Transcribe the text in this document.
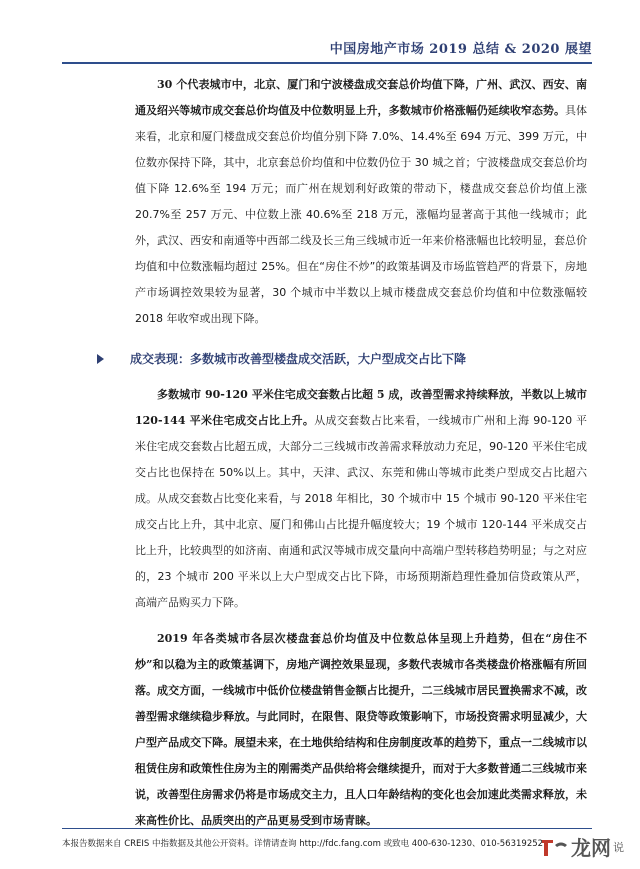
中国房地产市场 2019 总结 & 2020 展望

30 个代表城市中，北京、厦门和宁波楼盘成交套总价均值下降，广州、武汉、西安、南通及绍兴等城市成交套总价均值及中位数明显上升，多数城市价格涨幅仍延续收窄态势。具体来看，北京和厦门楼盘成交套总价均值分别下降 7.0%、14.4%至 694 万元、399 万元，中位数亦保持下降，其中，北京套总价均值和中位数仍位于 30 城之首；宁波楼盘成交套总价均值下降 12.6%至 194 万元；而广州在规划利好政策的带动下，楼盘成交套总价均值上涨 20.7%至 257 万元、中位数上涨 40.6%至 218 万元，涨幅均显著高于其他一线城市；此外，武汉、西安和南通等中西部二线及长三角三线城市近一年来价格涨幅也比较明显，套总价均值和中位数涨幅均超过 25%。但在“房住不炒”的政策基调及市场监管趋严的背景下，房地产市场调控效果较为显著，30 个城市中半数以上城市楼盘成交套总价均值和中位数涨幅较 2018 年收窄或出现下降。

成交表现：多数城市改善型楼盘成交活跃，大户型成交占比下降

多数城市 90-120 平米住宅成交套数占比超 5 成，改善型需求持续释放，半数以上城市 120-144 平米住宅成交占比上升。从成交套数占比来看，一线城市广州和上海 90-120 平米住宅成交套数占比超五成，大部分二三线城市改善需求释放动力充足，90-120 平米住宅成交占比也保持在 50%以上。其中，天津、武汉、东莞和佛山等城市此类户型成交占比超六成。从成交套数占比变化来看，与 2018 年相比，30 个城市中 15 个城市 90-120 平米住宅成交占比上升，其中北京、厦门和佛山占比提升幅度较大；19 个城市 120-144 平米成交占比上升，比较典型的如济南、南通和武汉等城市成交量向中高端户型转移趋势明显；与之对应的，23 个城市 200 平米以上大户型成交占比下降，市场预期渐趋理性叠加信贷政策从严，高端产品购买力下降。

2019 年各类城市各层次楼盘套总价均值及中位数总体呈现上升趋势，但在“房住不炒”和以稳为主的政策基调下，房地产调控效果显现，多数代表城市各类楼盘价格涨幅有所回落。成交方面，一线城市中低价位楼盘销售金额占比提升，二三线城市居民置换需求不减，改善型需求继续稳步释放。与此同时，在限售、限贷等政策影响下，市场投资需求明显减少，大户型产品成交下降。展望未来，在土地供给结构和住房制度改革的趋势下，重点一二线城市以租赁住房和政策性住房为主的刚需类产品供给将会继续提升，而对于大多数普通二三线城市来说，改善型住房需求仍将是市场成交主力，且人口年龄结构的变化也会加速此类需求释放，未来高性价比、品质突出的产品更易受到市场青睐。

本报告数据来自 CREIS 中指数据及其他公开资料。详情请查询 http://fdc.fang.com 或致电 400-630-1230、010-56319252	龙网 说
